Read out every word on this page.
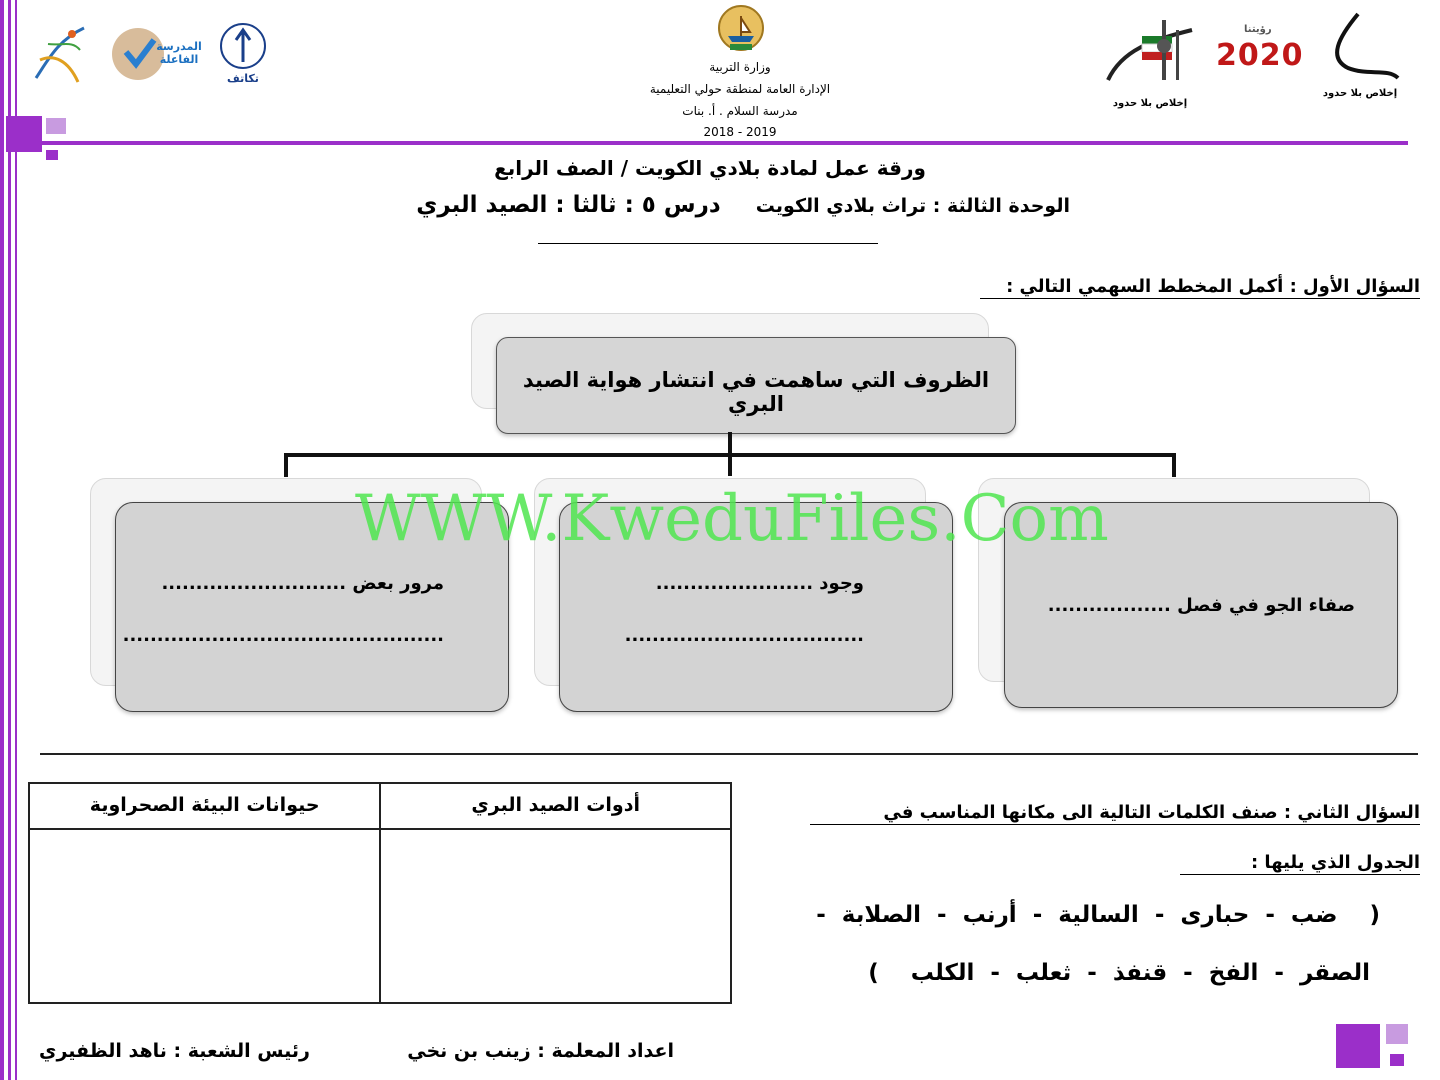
المدرسة الفاعلة
تكاتف
وزارة التربية
الإدارة العامة لمنطقة حولي التعليمية
مدرسة السلام . أ. بنات
2018 - 2019
إخلاص بلا حدود
رؤيتنا
2020
إخلاص بلا حدود
ورقة عمل لمادة بلادي الكويت / الصف الرابع
الوحدة الثالثة : تراث بلادي الكويت  درس ٥ : ثالثا : الصيد البري
السؤال الأول : أكمل المخطط السهمي التالي :
الظروف التي ساهمت في انتشار هواية الصيد البري
مرور بعض ...........................
...............................................
وجود .......................
...................................
صفاء الجو في فصل ..................
WWW.KweduFiles.Com
السؤال الثاني : صنف الكلمات التالية الى مكانها المناسب في
الجدول الذي يليها :
(    ضب  -  حبارى  -  السالية  -  أرنب  -  الصلابة  -
الصقر  -  الفخ  -  قنفذ  -  ثعلب  -  الكلب    )
حيوانات البيئة الصحراوية	أدوات الصيد البري

اعداد المعلمة : زينب بن نخي
رئيس الشعبة : ناهد الظفيري
